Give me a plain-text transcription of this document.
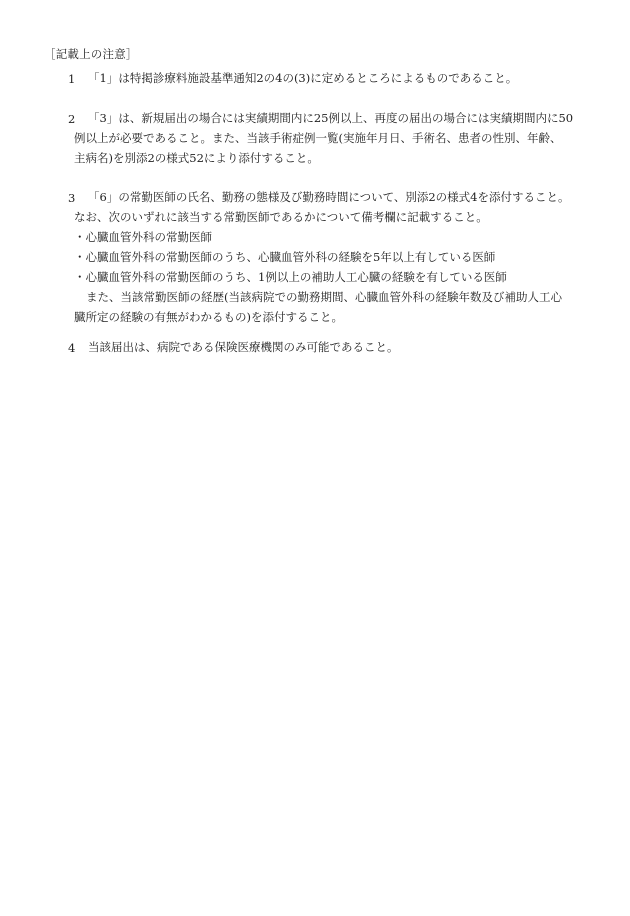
［記載上の注意］
1 「1」は特掲診療料施設基準通知2の4の(3)に定めるところによるものであること。
2 「3」は、新規届出の場合には実績期間内に25例以上、再度の届出の場合には実績期間内に50
例以上が必要であること。また、当該手術症例一覧(実施年月日、手術名、患者の性別、年齢、
主病名)を別添2の様式52により添付すること。
3 「6」の常勤医師の氏名、勤務の態様及び勤務時間について、別添2の様式4を添付すること。
なお、次のいずれに該当する常勤医師であるかについて備考欄に記載すること。
・心臓血管外科の常勤医師
・心臓血管外科の常勤医師のうち、心臓血管外科の経験を5年以上有している医師
・心臓血管外科の常勤医師のうち、1例以上の補助人工心臓の経験を有している医師
また、当該常勤医師の経歴(当該病院での勤務期間、心臓血管外科の経験年数及び補助人工心
臓所定の経験の有無がわかるもの)を添付すること。
4 当該届出は、病院である保険医療機関のみ可能であること。
